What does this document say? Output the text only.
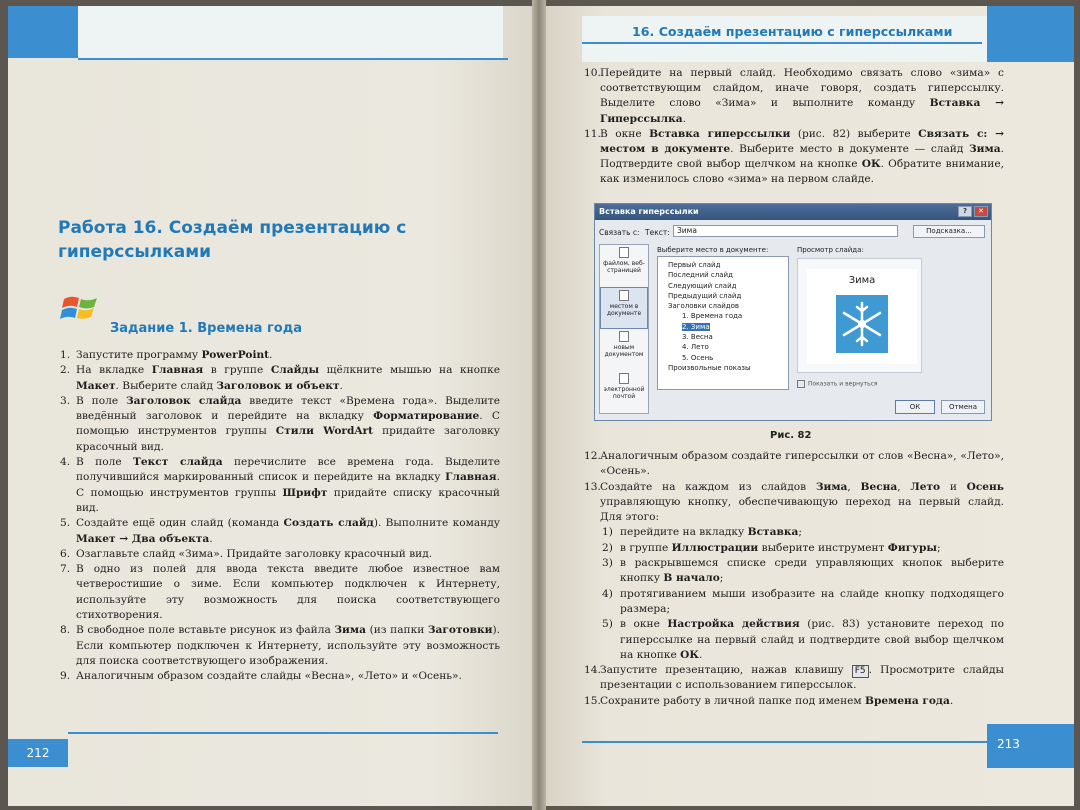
Работа 16. Создаём презентацию с гиперссылками
Задание 1. Времена года
1. Запустите программу PowerPoint.
2. На вкладке Главная в группе Слайды щёлкните мышью на кнопке Макет. Выберите слайд Заголовок и объект.
3. В поле Заголовок слайда введите текст «Времена года». Выделите введённый заголовок и перейдите на вкладку Форматирование. С помощью инструментов группы Стили WordArt придайте заголовку красочный вид.
4. В поле Текст слайда перечислите все времена года. Выделите получившийся маркированный список и перейдите на вкладку Главная. С помощью инструментов группы Шрифт придайте списку красочный вид.
5. Создайте ещё один слайд (команда Создать слайд). Выполните команду Макет → Два объекта.
6. Озаглавьте слайд «Зима». Придайте заголовку красочный вид.
7. В одно из полей для ввода текста введите любое известное вам четверостишие о зиме. Если компьютер подключен к Интернету, используйте эту возможность для поиска соответствующего стихотворения.
8. В свободное поле вставьте рисунок из файла Зима (из папки Заготовки). Если компьютер подключен к Интернету, используйте эту возможность для поиска соответствующего изображения.
9. Аналогичным образом создайте слайды «Весна», «Лето» и «Осень».
212
16. Создаём презентацию с гиперссылками
10. Перейдите на первый слайд. Необходимо связать слово «зима» с соответствующим слайдом, иначе говоря, создать гиперссылку. Выделите слово «Зима» и выполните команду Вставка → Гиперссылка.
11. В окне Вставка гиперссылки (рис. 82) выберите Связать с: → местом в документе. Выберите место в документе — слайд Зима. Подтвердите свой выбор щелчком на кнопке ОК. Обратите внимание, как изменилось слово «зима» на первом слайде.
Вставка гиперссылки	?	✕
Связать с: Текст: Зима	Подсказка...
файлом, веб-страницей
местом в документе
новым документом
электронной почтой
Выберите место в документе:
Первый слайд
Последний слайд
Следующий слайд
Предыдущий слайд
Заголовки слайдов
1. Времена года
2. Зима
3. Весна
4. Лето
5. Осень
Произвольные показы
Просмотр слайда:
Зима
Показать и вернуться
ОК	Отмена
Рис. 82
12. Аналогичным образом создайте гиперссылки от слов «Весна», «Лето», «Осень».
13. Создайте на каждом из слайдов Зима, Весна, Лето и Осень управляющую кнопку, обеспечивающую переход на первый слайд. Для этого:
1) перейдите на вкладку Вставка;
2) в группе Иллюстрации выберите инструмент Фигуры;
3) в раскрывшемся списке среди управляющих кнопок выберите кнопку В начало;
4) протягиванием мыши изобразите на слайде кнопку подходящего размера;
5) в окне Настройка действия (рис. 83) установите переход по гиперссылке на первый слайд и подтвердите свой выбор щелчком на кнопке ОК.
14. Запустите презентацию, нажав клавишу F5 . Просмотрите слайды презентации с использованием гиперссылок.
15. Сохраните работу в личной папке под именем Времена года.
213
